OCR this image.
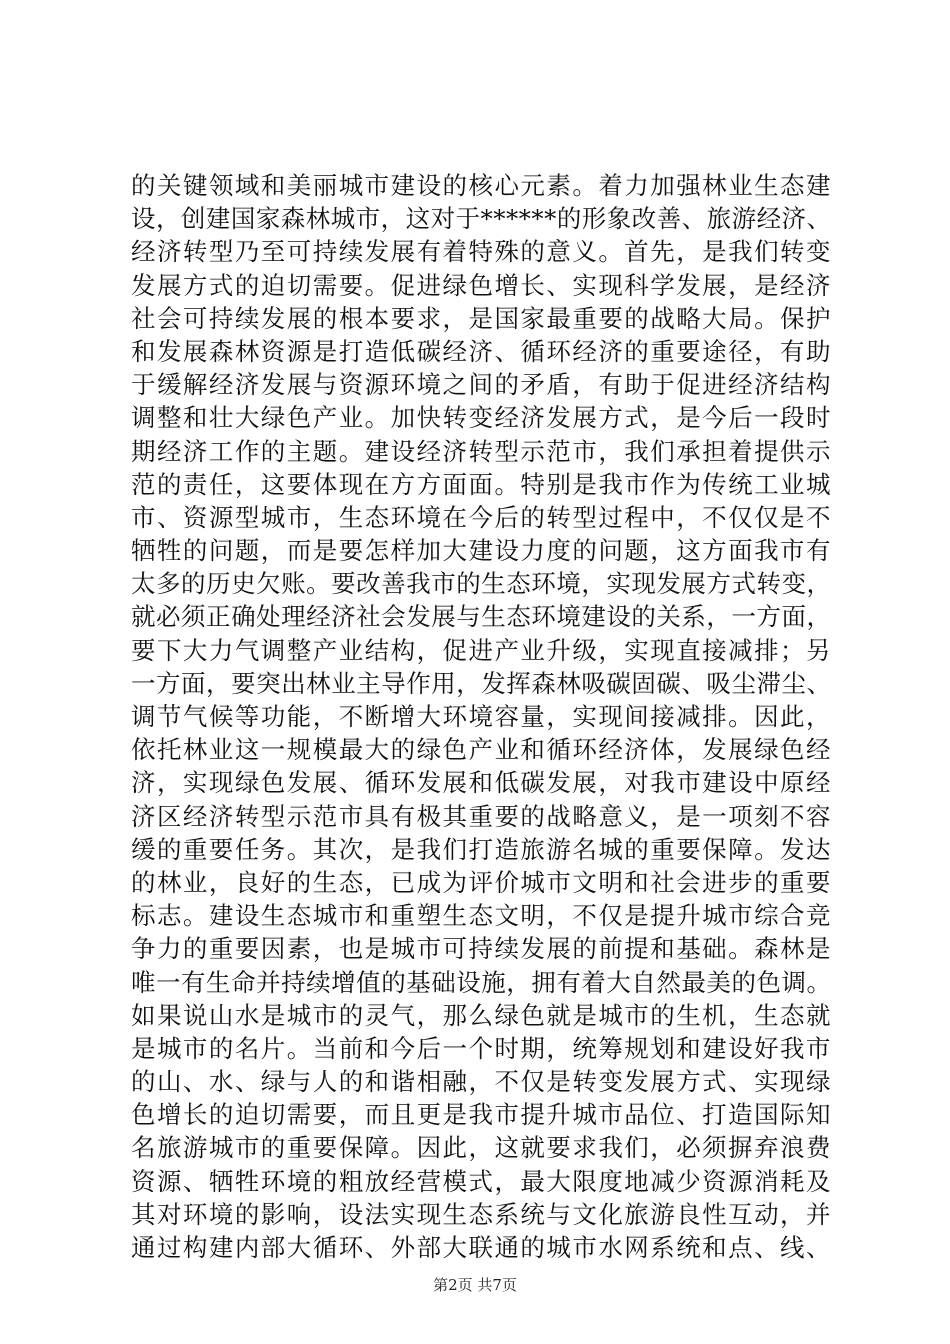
的关键领域和美丽城市建设的核心元素。着力加强林业生态建
设，创建国家森林城市，这对于******的形象改善、旅游经济、
经济转型乃至可持续发展有着特殊的意义。首先，是我们转变
发展方式的迫切需要。促进绿色增长、实现科学发展，是经济
社会可持续发展的根本要求，是国家最重要的战略大局。保护
和发展森林资源是打造低碳经济、循环经济的重要途径，有助
于缓解经济发展与资源环境之间的矛盾，有助于促进经济结构
调整和壮大绿色产业。加快转变经济发展方式，是今后一段时
期经济工作的主题。建设经济转型示范市，我们承担着提供示
范的责任，这要体现在方方面面。特别是我市作为传统工业城
市、资源型城市，生态环境在今后的转型过程中，不仅仅是不
牺牲的问题，而是要怎样加大建设力度的问题，这方面我市有
太多的历史欠账。要改善我市的生态环境，实现发展方式转变，
就必须正确处理经济社会发展与生态环境建设的关系，一方面，
要下大力气调整产业结构，促进产业升级，实现直接减排；另
一方面，要突出林业主导作用，发挥森林吸碳固碳、吸尘滞尘、
调节气候等功能，不断增大环境容量，实现间接减排。因此，
依托林业这一规模最大的绿色产业和循环经济体，发展绿色经
济，实现绿色发展、循环发展和低碳发展，对我市建设中原经
济区经济转型示范市具有极其重要的战略意义，是一项刻不容
缓的重要任务。其次，是我们打造旅游名城的重要保障。发达
的林业，良好的生态，已成为评价城市文明和社会进步的重要
标志。建设生态城市和重塑生态文明，不仅是提升城市综合竞
争力的重要因素，也是城市可持续发展的前提和基础。森林是
唯一有生命并持续增值的基础设施，拥有着大自然最美的色调。
如果说山水是城市的灵气，那么绿色就是城市的生机，生态就
是城市的名片。当前和今后一个时期，统筹规划和建设好我市
的山、水、绿与人的和谐相融，不仅是转变发展方式、实现绿
色增长的迫切需要，而且更是我市提升城市品位、打造国际知
名旅游城市的重要保障。因此，这就要求我们，必须摒弃浪费
资源、牺牲环境的粗放经营模式，最大限度地减少资源消耗及
其对环境的影响，设法实现生态系统与文化旅游良性互动，并
通过构建内部大循环、外部大联通的城市水网系统和点、线、
第2页 共7页
